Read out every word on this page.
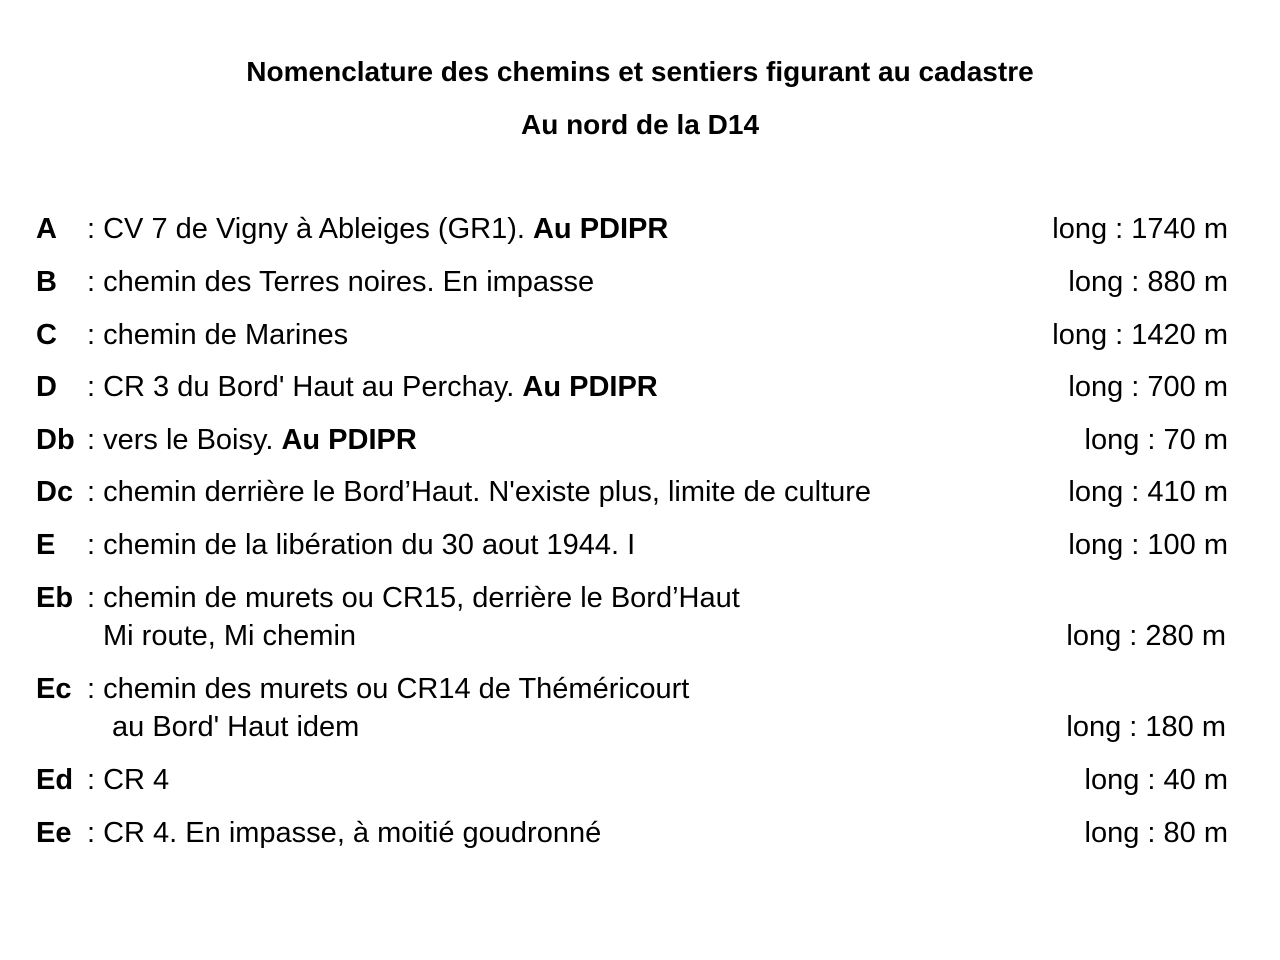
Nomenclature des chemins et sentiers figurant au cadastre
Au nord de la D14
A : CV 7 de Vigny à Ableiges (GR1). Au PDIPR	long : 1740 m
B : chemin des Terres noires. En impasse	long : 880 m
C : chemin de Marines	long : 1420 m
D : CR 3 du Bord' Haut au Perchay. Au PDIPR	long : 700 m
Db : vers le Boisy. Au PDIPR	long : 70 m
Dc : chemin derrière le Bord’Haut. N'existe plus, limite de culture	long : 410 m
E : chemin de la libération du 30 aout 1944. I	long : 100 m
Eb : chemin de murets ou CR15, derrière le Bord’Haut
Mi route, Mi chemin	long : 280 m
Ec : chemin des murets ou CR14 de Théméricourt
au Bord' Haut idem	long : 180 m
Ed : CR 4	long : 40 m
Ee : CR 4. En impasse, à moitié goudronné	long : 80 m
